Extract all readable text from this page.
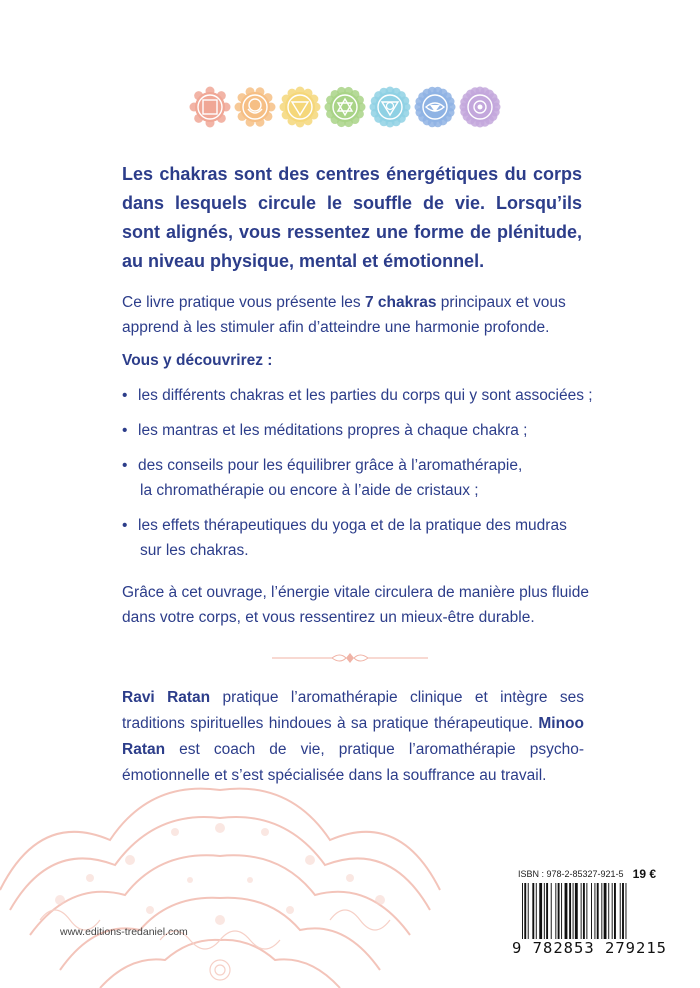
Les chakras sont des centres énergétiques du corps dans lesquels circule le souffle de vie. Lorsqu’ils sont alignés, vous ressentez une forme de plénitude, au niveau physique, mental et émotionnel.

Ce livre pratique vous présente les 7 chakras principaux et vous apprend à les stimuler afin d’atteindre une harmonie profonde.

Vous y découvrirez :

• les différents chakras et les parties du corps qui y sont associées ;
• les mantras et les méditations propres à chaque chakra ;
• des conseils pour les équilibrer grâce à l’aromathérapie,
la chromathérapie ou encore à l’aide de cristaux ;
• les effets thérapeutiques du yoga et de la pratique des mudras
sur les chakras.

Grâce à cet ouvrage, l’énergie vitale circulera de manière plus fluide dans votre corps, et vous ressentirez un mieux-être durable.

Ravi Ratan pratique l’aromathérapie clinique et intègre ses traditions spirituelles hindoues à sa pratique thérapeutique. Minoo Ratan est coach de vie, pratique l’aromathérapie psycho-émotionnelle et s’est spécialisée dans la souffrance au travail.

www.editions-tredaniel.com
ISBN : 978-2-85327-921-5 19 €
9 782853 279215
